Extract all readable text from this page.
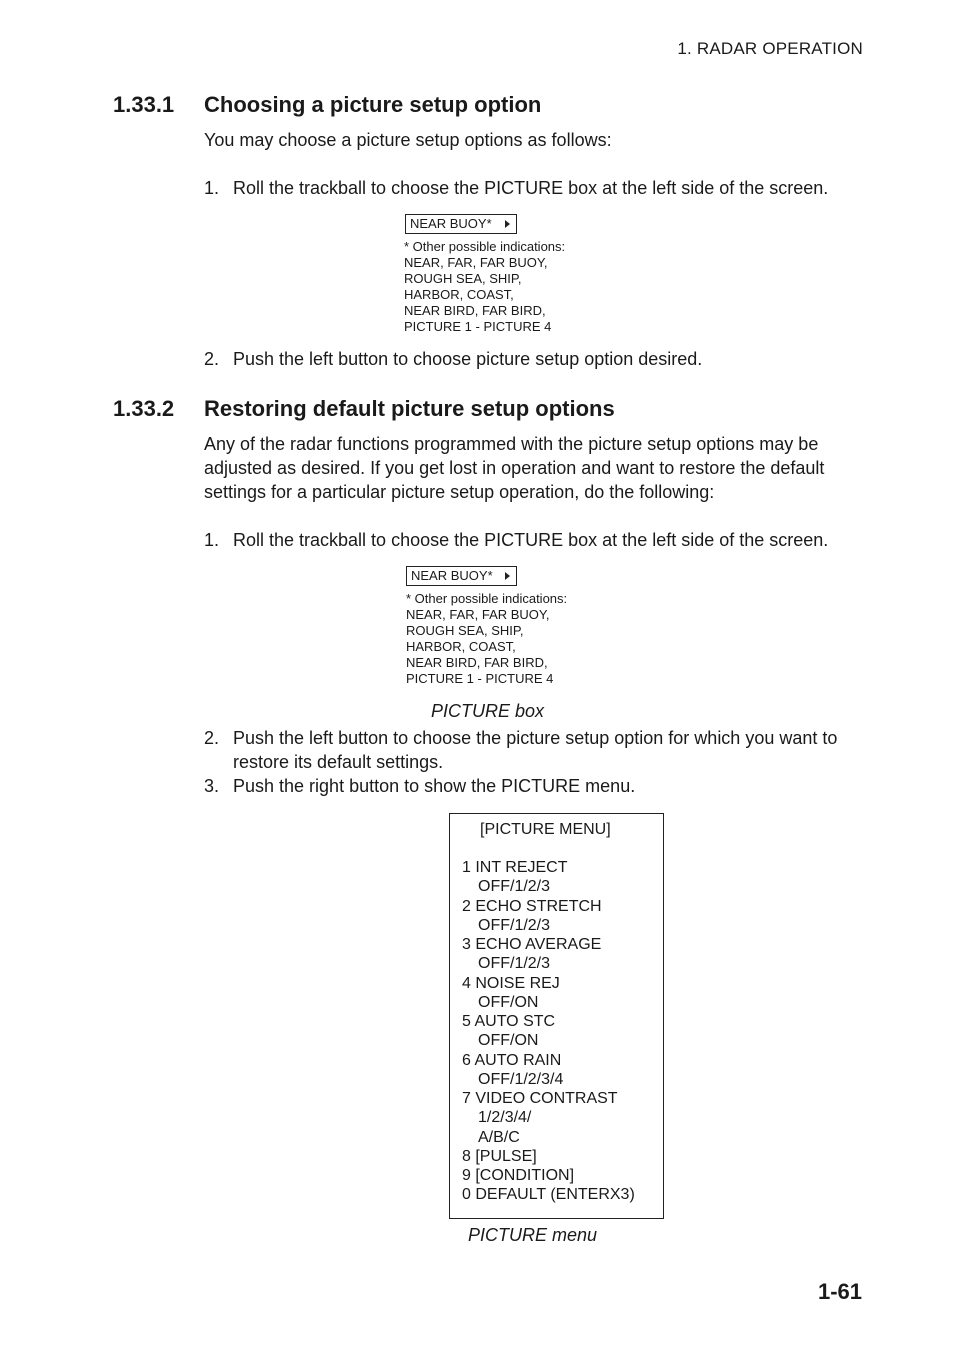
1. RADAR OPERATION
1.33.1 Choosing a picture setup option
You may choose a picture setup options as follows:
1. Roll the trackball to choose the PICTURE box at the left side of the screen.
NEAR BUOY*
* Other possible indications:
NEAR, FAR, FAR BUOY,
ROUGH SEA, SHIP,
HARBOR, COAST,
NEAR BIRD, FAR BIRD,
PICTURE 1 - PICTURE 4
2. Push the left button to choose picture setup option desired.
1.33.2 Restoring default picture setup options
Any of the radar functions programmed with the picture setup options may be
adjusted as desired. If you get lost in operation and want to restore the default
settings for a particular picture setup operation, do the following:
1. Roll the trackball to choose the PICTURE box at the left side of the screen.
NEAR BUOY*
* Other possible indications:
NEAR, FAR, FAR BUOY,
ROUGH SEA, SHIP,
HARBOR, COAST,
NEAR BIRD, FAR BIRD,
PICTURE 1 - PICTURE 4
PICTURE box
2. Push the left button to choose the picture setup option for which you want to
restore its default settings.
3. Push the right button to show the PICTURE menu.
[PICTURE MENU]
1 INT REJECT
OFF/1/2/3
2 ECHO STRETCH
OFF/1/2/3
3 ECHO AVERAGE
OFF/1/2/3
4 NOISE REJ
OFF/ON
5 AUTO STC
OFF/ON
6 AUTO RAIN
OFF/1/2/3/4
7 VIDEO CONTRAST
1/2/3/4/
A/B/C
8 [PULSE]
9 [CONDITION]
0 DEFAULT (ENTERX3)
PICTURE menu
1-61
